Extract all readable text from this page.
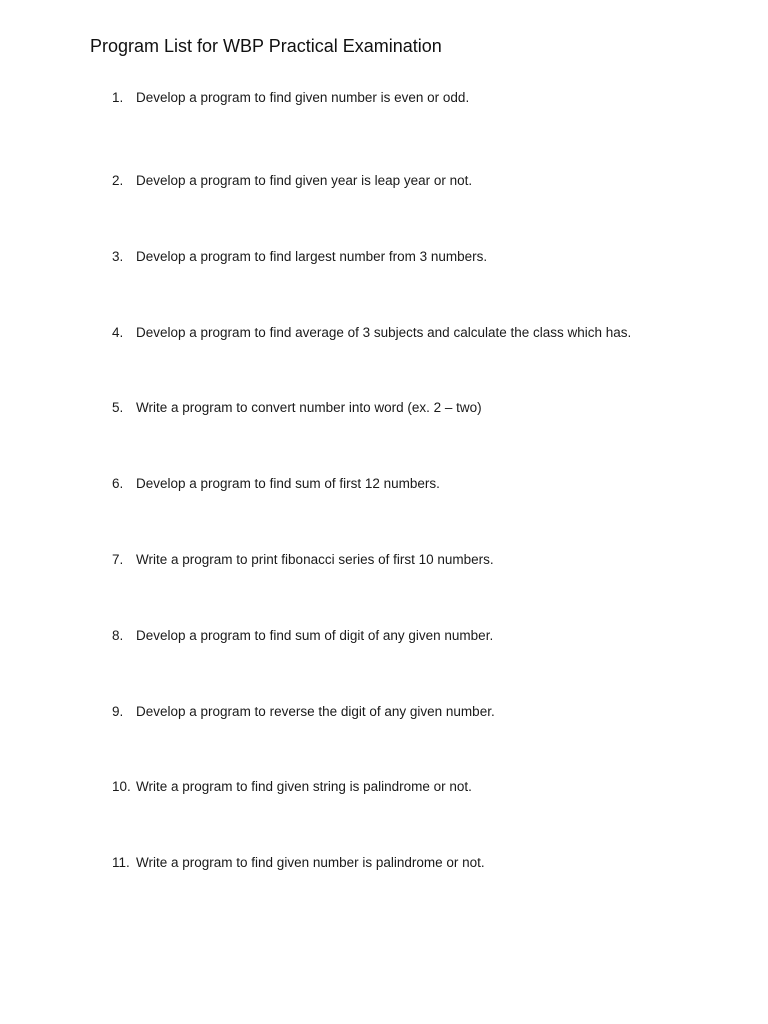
Program List for WBP Practical Examination
1. Develop a program to find given number is even or odd.
2. Develop a program to find given year is leap year or not.
3. Develop a program to find largest number from 3 numbers.
4. Develop a program to find average of 3 subjects and calculate the class which has.
5. Write a program to convert number into word (ex. 2 – two)
6. Develop a program to find sum of first 12 numbers.
7. Write a program to print fibonacci series of first 10 numbers.
8. Develop a program to find sum of digit of any given number.
9. Develop a program to reverse the digit of any given number.
10. Write a program to find given string is palindrome or not.
11. Write a program to find given number is palindrome or not.
